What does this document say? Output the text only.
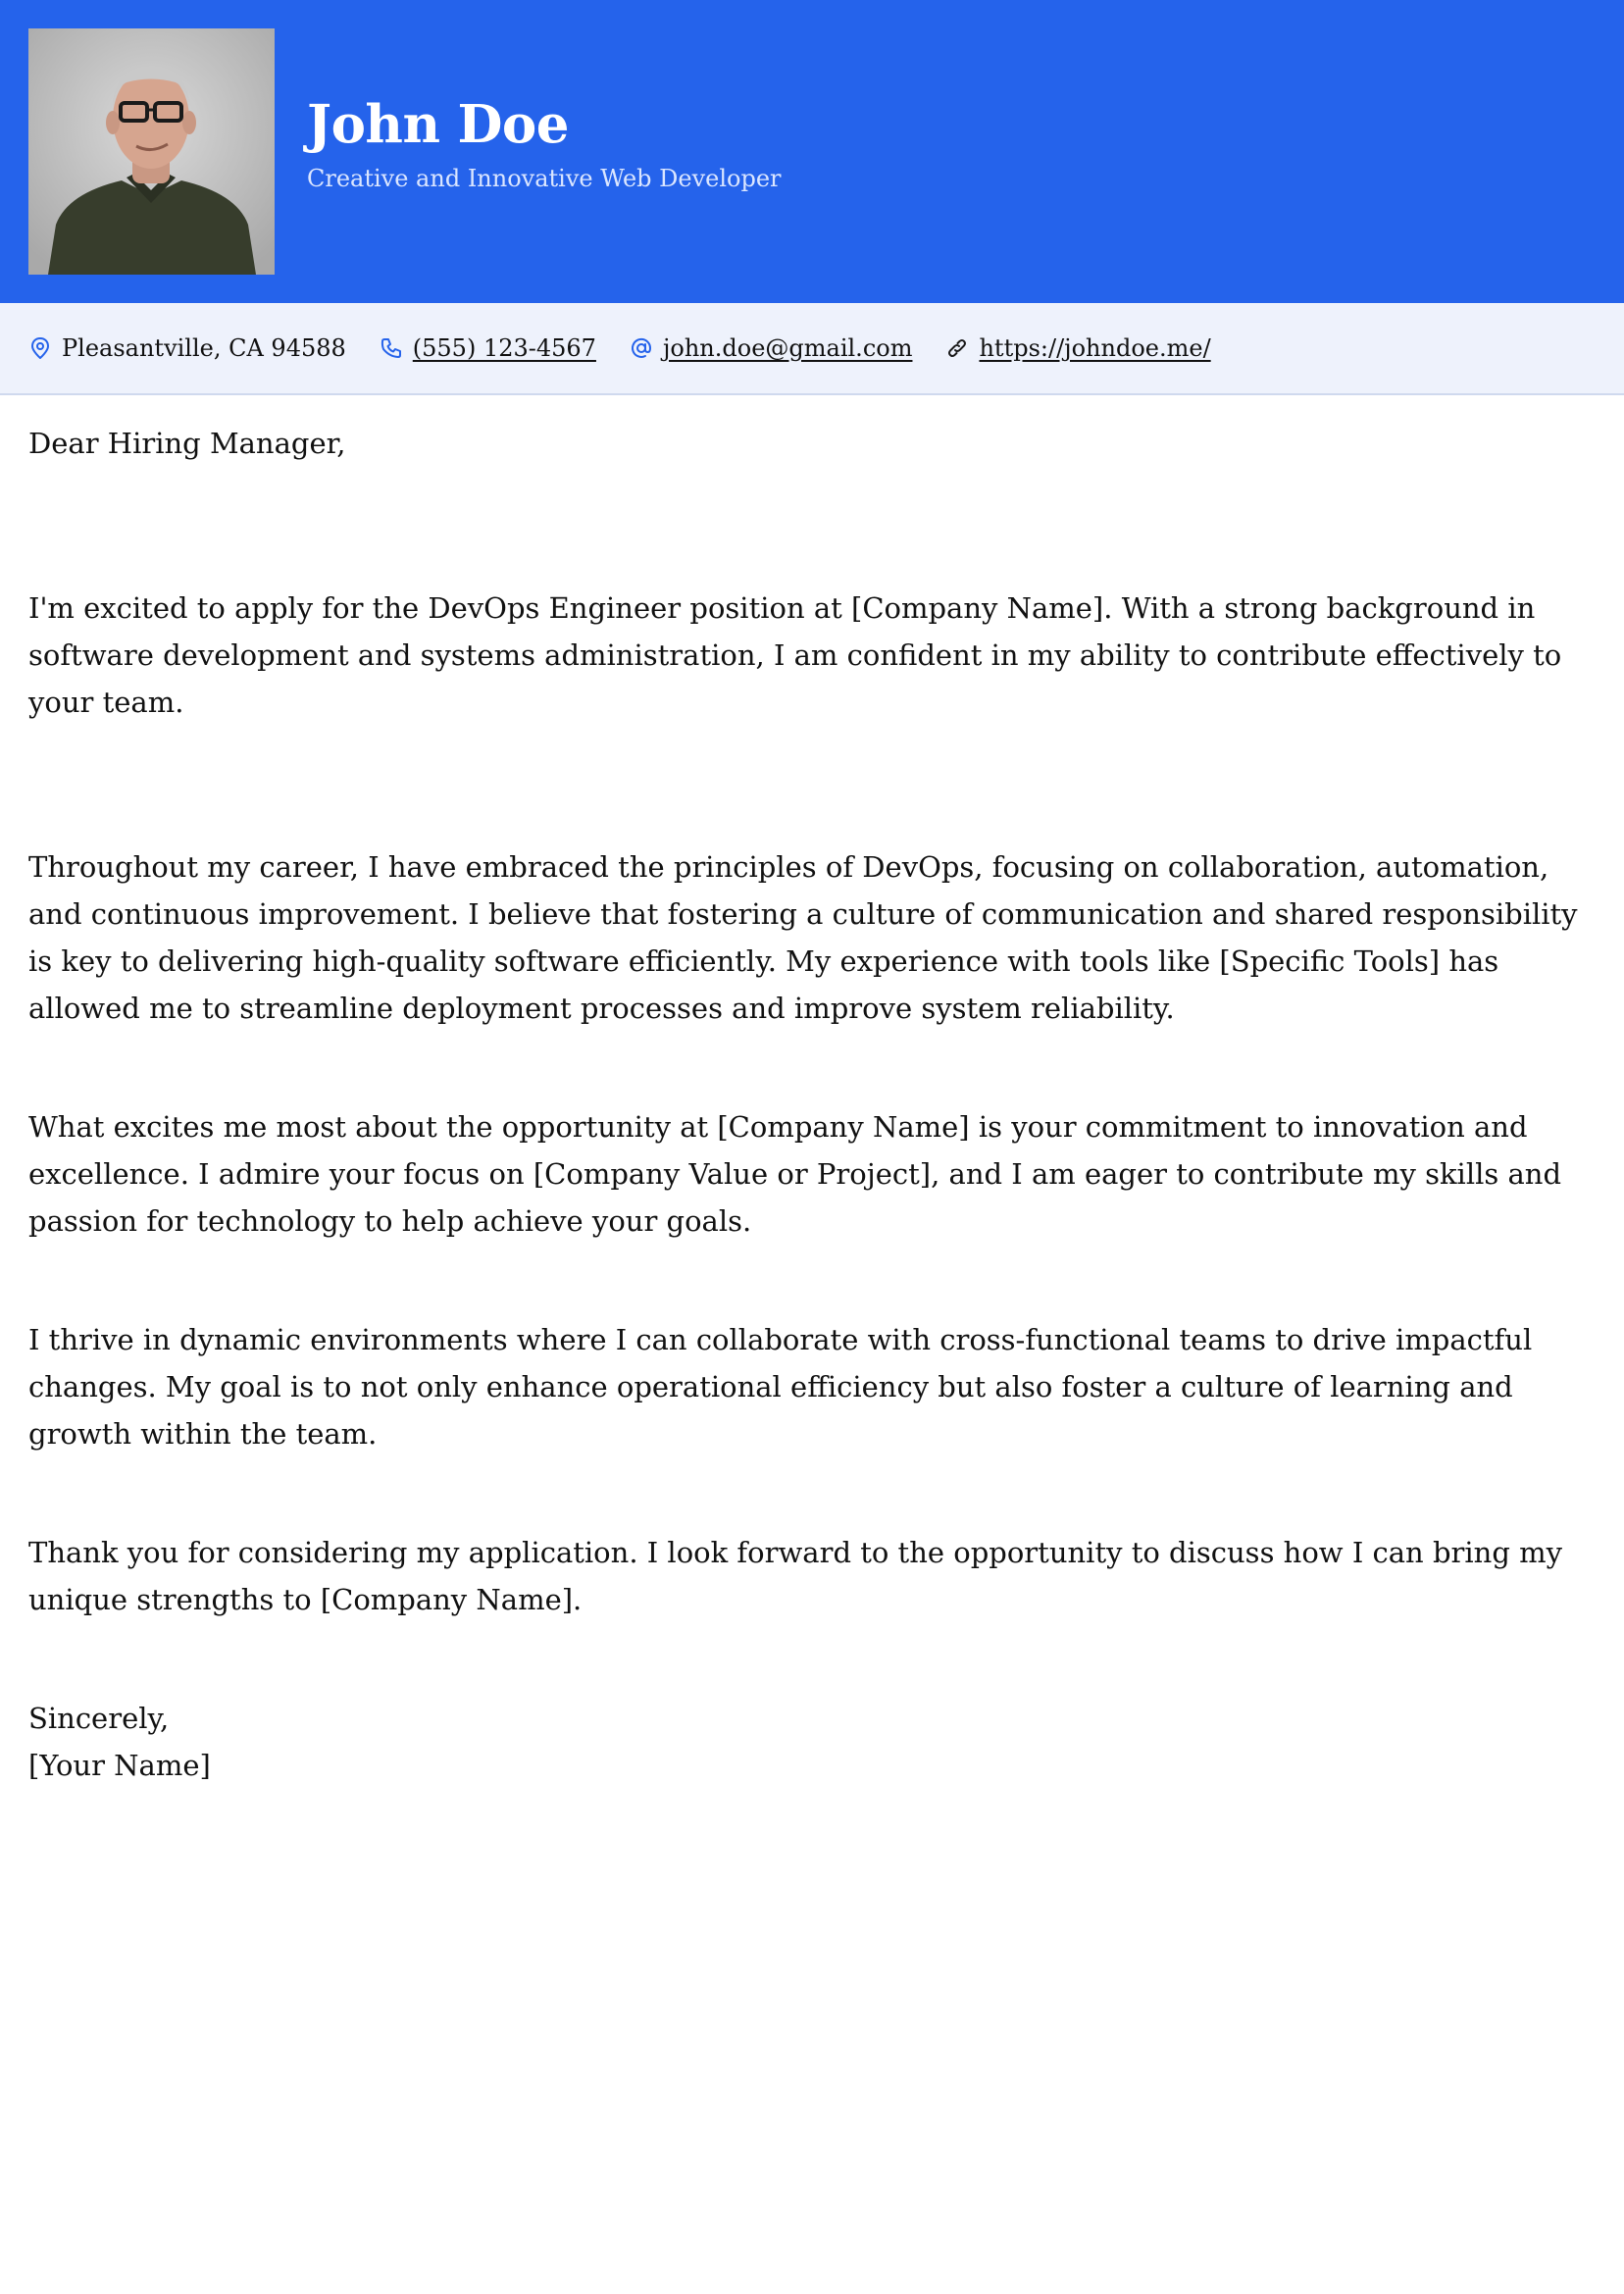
John Doe

Creative and Innovative Web Developer

Pleasantville, CA 94588	(555) 123-4567	john.doe@gmail.com	https://johndoe.me/

Dear Hiring Manager,

I'm excited to apply for the DevOps Engineer position at [Company Name]. With a strong background in software development and systems administration, I am confident in my ability to contribute effectively to your team.

Throughout my career, I have embraced the principles of DevOps, focusing on collaboration, automation, and continuous improvement. I believe that fostering a culture of communication and shared responsibility is key to delivering high-quality software efficiently. My experience with tools like [Specific Tools] has allowed me to streamline deployment processes and improve system reliability.

What excites me most about the opportunity at [Company Name] is your commitment to innovation and excellence. I admire your focus on [Company Value or Project], and I am eager to contribute my skills and passion for technology to help achieve your goals.

I thrive in dynamic environments where I can collaborate with cross-functional teams to drive impactful changes. My goal is to not only enhance operational efficiency but also foster a culture of learning and growth within the team.

Thank you for considering my application. I look forward to the opportunity to discuss how I can bring my unique strengths to [Company Name].

Sincerely,

[Your Name]
